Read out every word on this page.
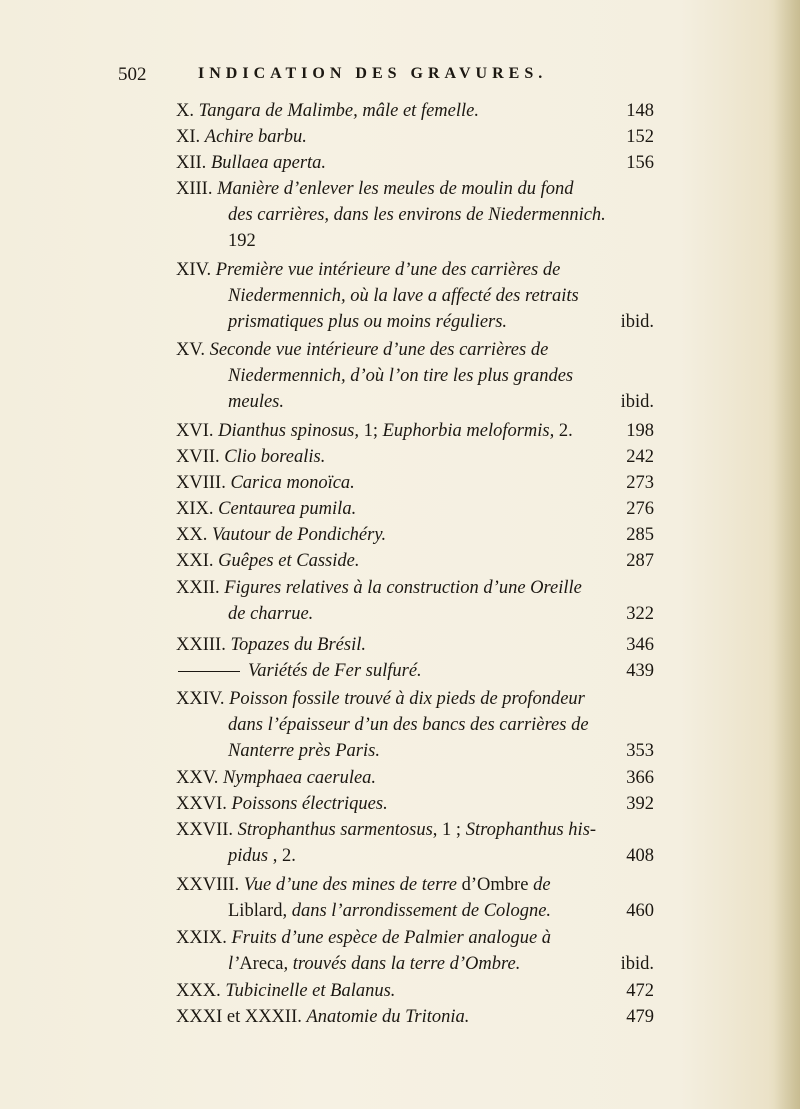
502	INDICATION DES GRAVURES.
X. Tangara de Malimbe, mâle et femelle.	148
XI. Achire barbu.	152
XII. Bullaea aperta.	156
XIII. Manière d’enlever les meules de moulin du fond
des carrières, dans les environs de Niedermennich.
192
XIV. Première vue intérieure d’une des carrières de
Niedermennich, où la lave a affecté des retraits
prismatiques plus ou moins réguliers.	ibid.
XV. Seconde vue intérieure d’une des carrières de
Niedermennich, d’où l’on tire les plus grandes
meules.	ibid.
XVI. Dianthus spinosus, 1; Euphorbia meloformis, 2.	198
XVII. Clio borealis.	242
XVIII. Carica monoïca.	273
XIX. Centaurea pumila.	276
XX. Vautour de Pondichéry.	285
XXI. Guêpes et Casside.	287
XXII. Figures relatives à la construction d’une Oreille
de charrue.	322
XXIII. Topazes du Brésil.	346
Variétés de Fer sulfuré.	439
XXIV. Poisson fossile trouvé à dix pieds de profondeur
dans l’épaisseur d’un des bancs des carrières de
Nanterre près Paris.	353
XXV. Nymphaea caerulea.	366
XXVI. Poissons électriques.	392
XXVII. Strophanthus sarmentosus, 1 ; Strophanthus his-
pidus , 2.	408
XXVIII. Vue d’une des mines de terre d’Ombre de
Liblard, dans l’arrondissement de Cologne.	460
XXIX. Fruits d’une espèce de Palmier analogue à
l’Areca, trouvés dans la terre d’Ombre.	ibid.
XXX. Tubicinelle et Balanus.	472
XXXI et XXXII. Anatomie du Tritonia.	479
